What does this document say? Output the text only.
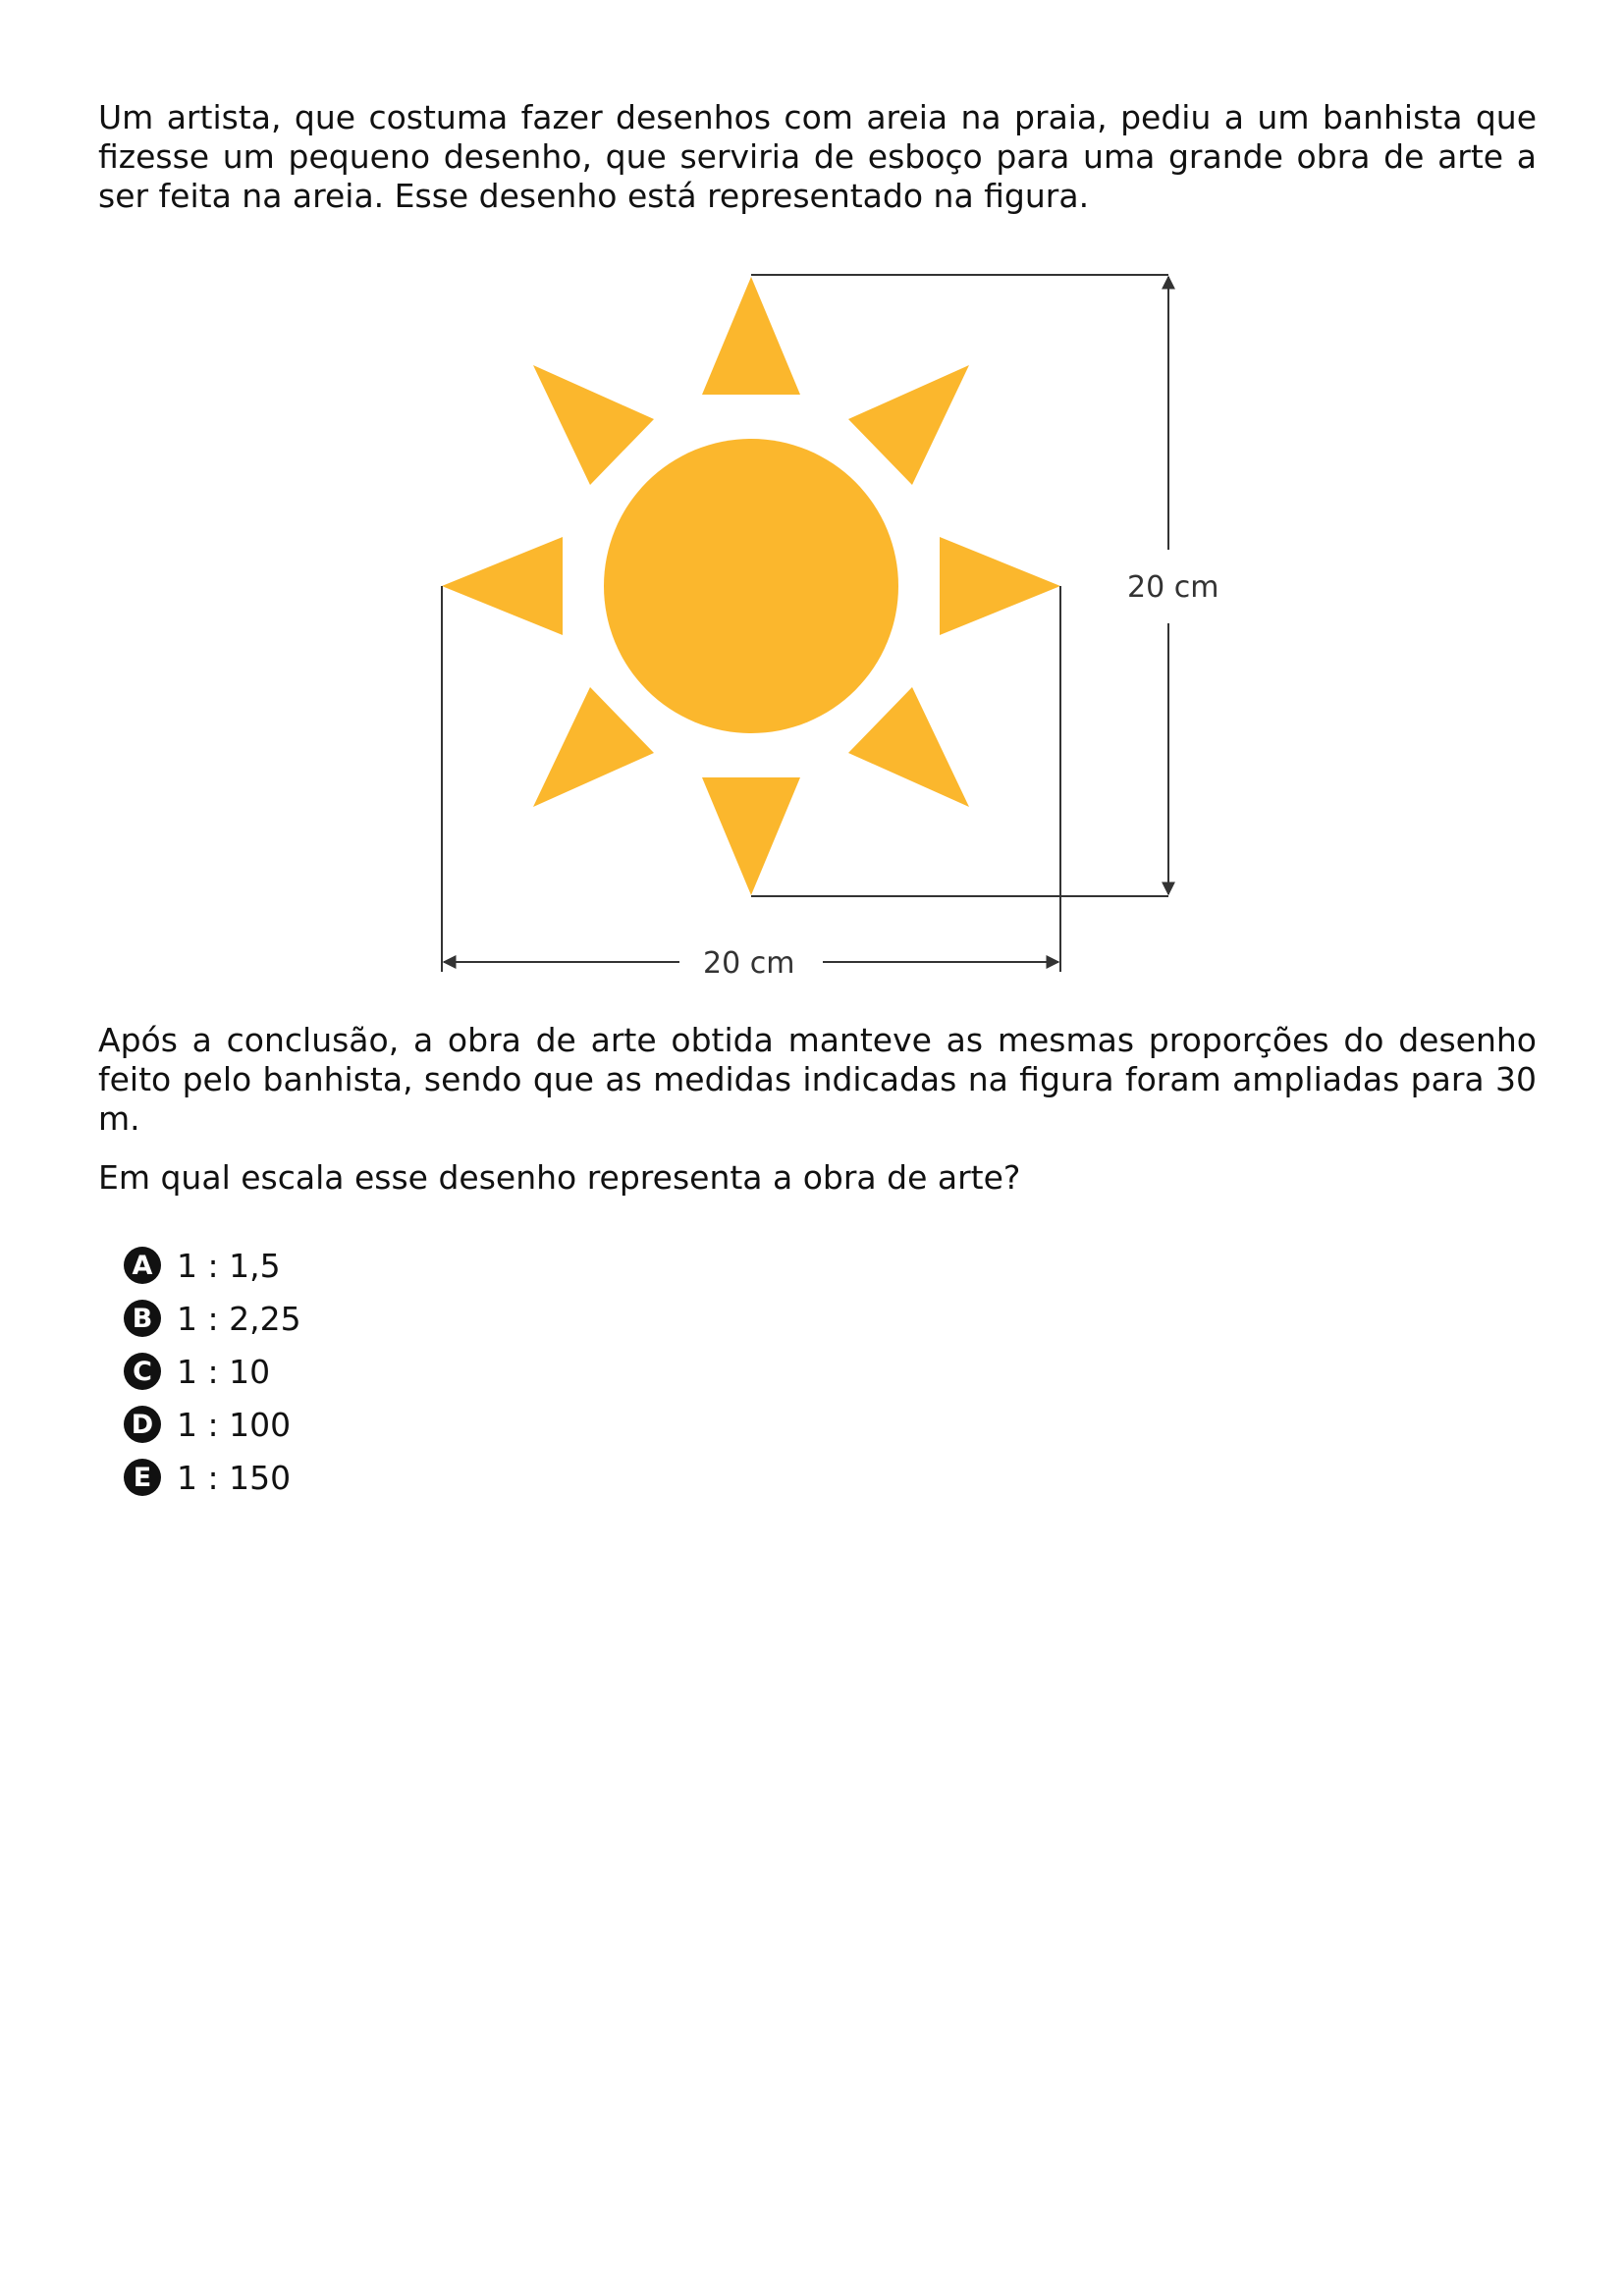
Um artista, que costuma fazer desenhos com areia na praia, pediu a um banhista que fizesse um pequeno desenho, que serviria de esboço para uma grande obra de arte a ser feita na areia. Esse desenho está representado na figura.

20 cm
20 cm

Após a conclusão, a obra de arte obtida manteve as mesmas proporções do desenho feito pelo banhista, sendo que as medidas indicadas na figura foram ampliadas para 30 m.

Em qual escala esse desenho representa a obra de arte?

A 1 : 1,5
B 1 : 2,25
C 1 : 10
D 1 : 100
E 1 : 150
